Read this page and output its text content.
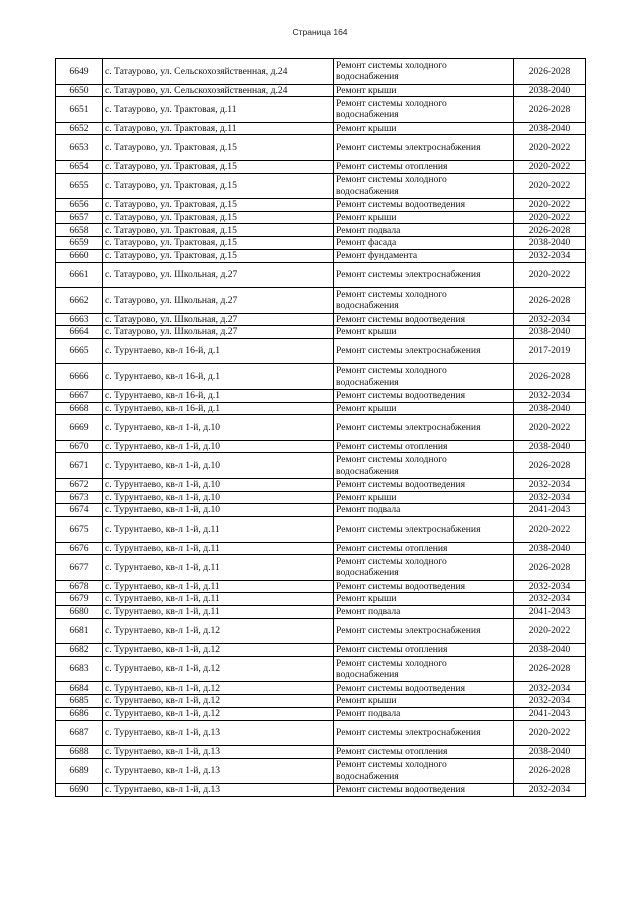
Страница 164
6649	с. Татаурово, ул. Сельскохозяйственная, д.24	Ремонт системы холодного водоснабжения	2026-2028
6650	с. Татаурово, ул. Сельскохозяйственная, д.24	Ремонт крыши	2038-2040
6651	с. Татаурово, ул. Трактовая, д.11	Ремонт системы холодного водоснабжения	2026-2028
6652	с. Татаурово, ул. Трактовая, д.11	Ремонт крыши	2038-2040
6653	с. Татаурово, ул. Трактовая, д.15	Ремонт системы электроснабжения	2020-2022
6654	с. Татаурово, ул. Трактовая, д.15	Ремонт системы отопления	2020-2022
6655	с. Татаурово, ул. Трактовая, д.15	Ремонт системы холодного водоснабжения	2020-2022
6656	с. Татаурово, ул. Трактовая, д.15	Ремонт системы водоотведения	2020-2022
6657	с. Татаурово, ул. Трактовая, д.15	Ремонт крыши	2020-2022
6658	с. Татаурово, ул. Трактовая, д.15	Ремонт подвала	2026-2028
6659	с. Татаурово, ул. Трактовая, д.15	Ремонт фасада	2038-2040
6660	с. Татаурово, ул. Трактовая, д.15	Ремонт фундамента	2032-2034
6661	с. Татаурово, ул. Школьная, д.27	Ремонт системы электроснабжения	2020-2022
6662	с. Татаурово, ул. Школьная, д.27	Ремонт системы холодного водоснабжения	2026-2028
6663	с. Татаурово, ул. Школьная, д.27	Ремонт системы водоотведения	2032-2034
6664	с. Татаурово, ул. Школьная, д.27	Ремонт крыши	2038-2040
6665	с. Турунтаево, кв-л 16-й, д.1	Ремонт системы электроснабжения	2017-2019
6666	с. Турунтаево, кв-л 16-й, д.1	Ремонт системы холодного водоснабжения	2026-2028
6667	с. Турунтаево, кв-л 16-й, д.1	Ремонт системы водоотведения	2032-2034
6668	с. Турунтаево, кв-л 16-й, д.1	Ремонт крыши	2038-2040
6669	с. Турунтаево, кв-л 1-й, д.10	Ремонт системы электроснабжения	2020-2022
6670	с. Турунтаево, кв-л 1-й, д.10	Ремонт системы отопления	2038-2040
6671	с. Турунтаево, кв-л 1-й, д.10	Ремонт системы холодного водоснабжения	2026-2028
6672	с. Турунтаево, кв-л 1-й, д.10	Ремонт системы водоотведения	2032-2034
6673	с. Турунтаево, кв-л 1-й, д.10	Ремонт крыши	2032-2034
6674	с. Турунтаево, кв-л 1-й, д.10	Ремонт подвала	2041-2043
6675	с. Турунтаево, кв-л 1-й, д.11	Ремонт системы электроснабжения	2020-2022
6676	с. Турунтаево, кв-л 1-й, д.11	Ремонт системы отопления	2038-2040
6677	с. Турунтаево, кв-л 1-й, д.11	Ремонт системы холодного водоснабжения	2026-2028
6678	с. Турунтаево, кв-л 1-й, д.11	Ремонт системы водоотведения	2032-2034
6679	с. Турунтаево, кв-л 1-й, д.11	Ремонт крыши	2032-2034
6680	с. Турунтаево, кв-л 1-й, д.11	Ремонт подвала	2041-2043
6681	с. Турунтаево, кв-л 1-й, д.12	Ремонт системы электроснабжения	2020-2022
6682	с. Турунтаево, кв-л 1-й, д.12	Ремонт системы отопления	2038-2040
6683	с. Турунтаево, кв-л 1-й, д.12	Ремонт системы холодного водоснабжения	2026-2028
6684	с. Турунтаево, кв-л 1-й, д.12	Ремонт системы водоотведения	2032-2034
6685	с. Турунтаево, кв-л 1-й, д.12	Ремонт крыши	2032-2034
6686	с. Турунтаево, кв-л 1-й, д.12	Ремонт подвала	2041-2043
6687	с. Турунтаево, кв-л 1-й, д.13	Ремонт системы электроснабжения	2020-2022
6688	с. Турунтаево, кв-л 1-й, д.13	Ремонт системы отопления	2038-2040
6689	с. Турунтаево, кв-л 1-й, д.13	Ремонт системы холодного водоснабжения	2026-2028
6690	с. Турунтаево, кв-л 1-й, д.13	Ремонт системы водоотведения	2032-2034
